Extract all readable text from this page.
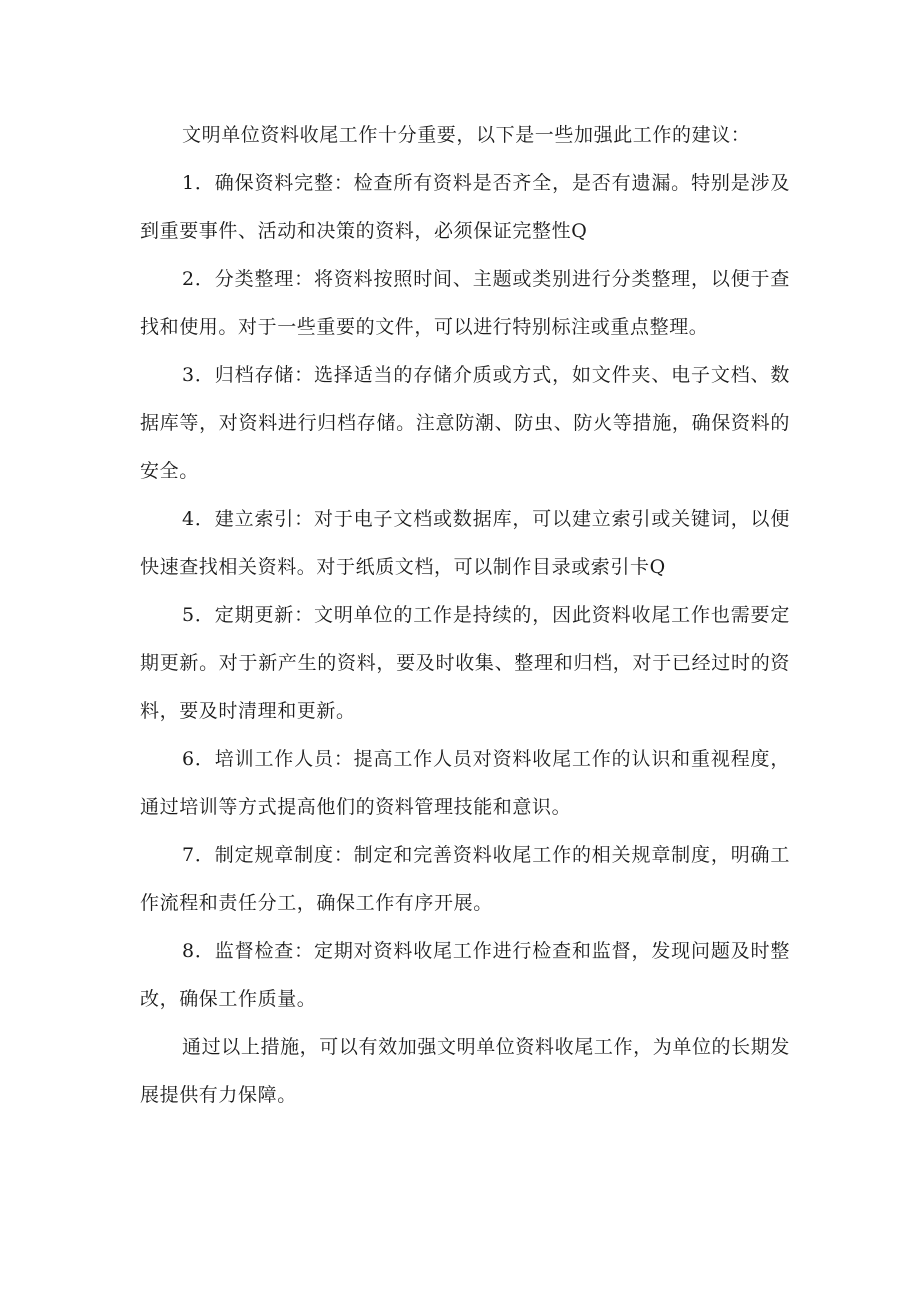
文明单位资料收尾工作十分重要，以下是一些加强此工作的建议：

1．确保资料完整：检查所有资料是否齐全，是否有遗漏。特别是涉及到重要事件、活动和决策的资料，必须保证完整性Q

2．分类整理：将资料按照时间、主题或类别进行分类整理，以便于查找和使用。对于一些重要的文件，可以进行特别标注或重点整理。

3．归档存储：选择适当的存储介质或方式，如文件夹、电子文档、数据库等，对资料进行归档存储。注意防潮、防虫、防火等措施，确保资料的安全。

4．建立索引：对于电子文档或数据库，可以建立索引或关键词，以便快速查找相关资料。对于纸质文档，可以制作目录或索引卡Q

5．定期更新：文明单位的工作是持续的，因此资料收尾工作也需要定期更新。对于新产生的资料，要及时收集、整理和归档，对于已经过时的资料，要及时清理和更新。

6．培训工作人员：提高工作人员对资料收尾工作的认识和重视程度，通过培训等方式提高他们的资料管理技能和意识。

7．制定规章制度：制定和完善资料收尾工作的相关规章制度，明确工作流程和责任分工，确保工作有序开展。

8．监督检查：定期对资料收尾工作进行检查和监督，发现问题及时整改，确保工作质量。

通过以上措施，可以有效加强文明单位资料收尾工作，为单位的长期发展提供有力保障。
